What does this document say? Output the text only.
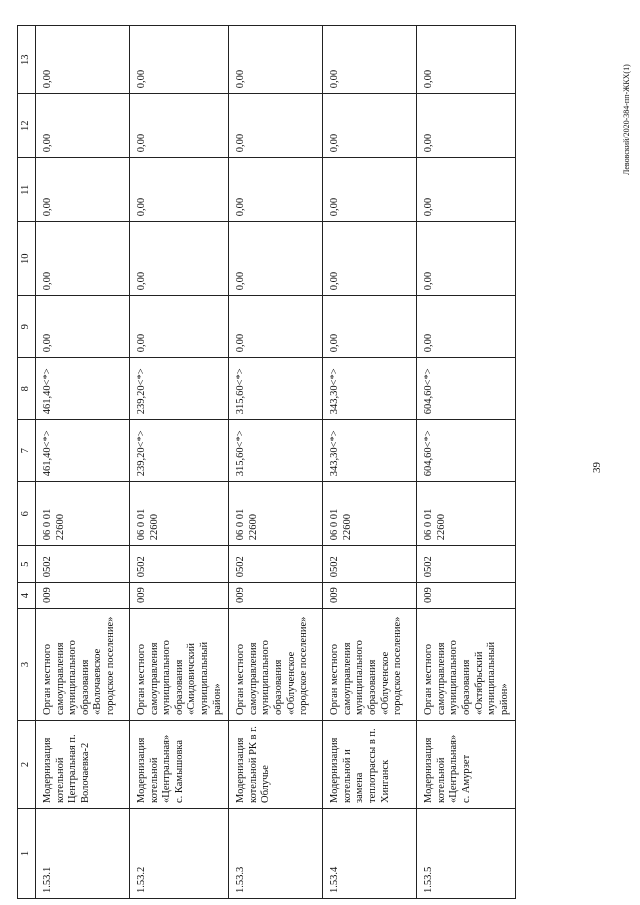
39
1	2	3	4	5	6	7	8	9	10	11	12	13
1.53.1	Модернизация котельной Центральная п. Волочаевка-2	Орган местного самоуправления муниципального образования «Волочаевское городское поселение»	009	0502	06 0 01 22600	461,40<*>	461,40<*>	0,00	0,00	0,00	0,00	0,00
1.53.2	Модернизация котельной «Центральная» с. Камышовка	Орган местного самоуправления муниципального образования «Смидовичский муниципальный район»	009	0502	06 0 01 22600	239,20<*>	239,20<*>	0,00	0,00	0,00	0,00	0,00
1.53.3	Модернизация котельной РК в г. Облучье	Орган местного самоуправления муниципального образования «Облученское городское поселение»	009	0502	06 0 01 22600	315,60<*>	315,60<*>	0,00	0,00	0,00	0,00	0,00
1.53.4	Модернизация котельной и замена теплотрассы в п. Хинганск	Орган местного самоуправления муниципального образования «Облученское городское поселение»	009	0502	06 0 01 22600	343,30<*>	343,30<*>	0,00	0,00	0,00	0,00	0,00
1.53.5	Модернизация котельной «Центральная» с. Амурзет	Орган местного самоуправления муниципального образования «Октябрьский муниципальный район»	009	0502	06 0 01 22600	604,60<*>	604,60<*>	0,00	0,00	0,00	0,00	0,00	Левовский/2020-384-пп-ЖКХ(1)
